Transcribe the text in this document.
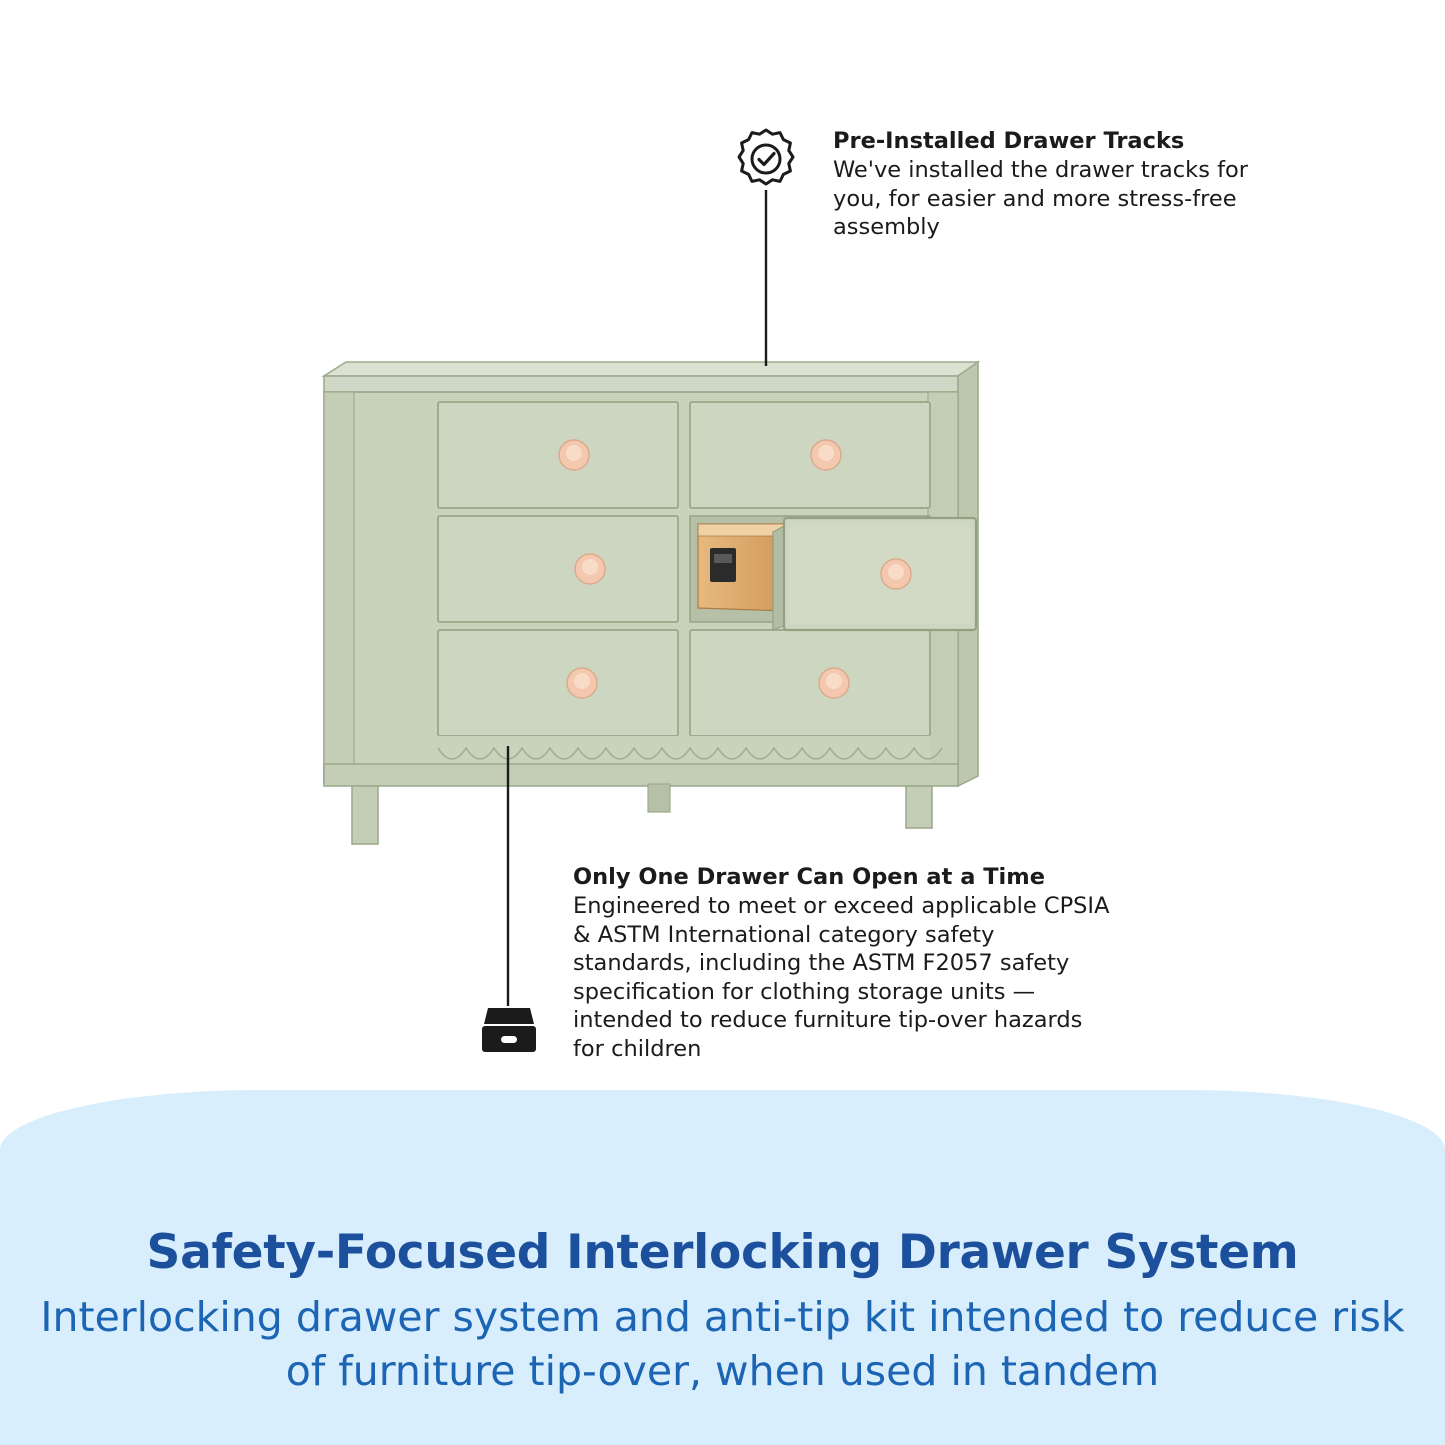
Pre-Installed Drawer Tracks
We've installed the drawer tracks for you, for easier and more stress-free assembly
Only One Drawer Can Open at a Time
Engineered to meet or exceed applicable CPSIA & ASTM International category safety standards, including the ASTM F2057 safety specification for clothing storage units — intended to reduce furniture tip-over hazards for children
Safety-Focused Interlocking Drawer System
Interlocking drawer system and anti-tip kit intended to reduce risk of furniture tip-over, when used in tandem
